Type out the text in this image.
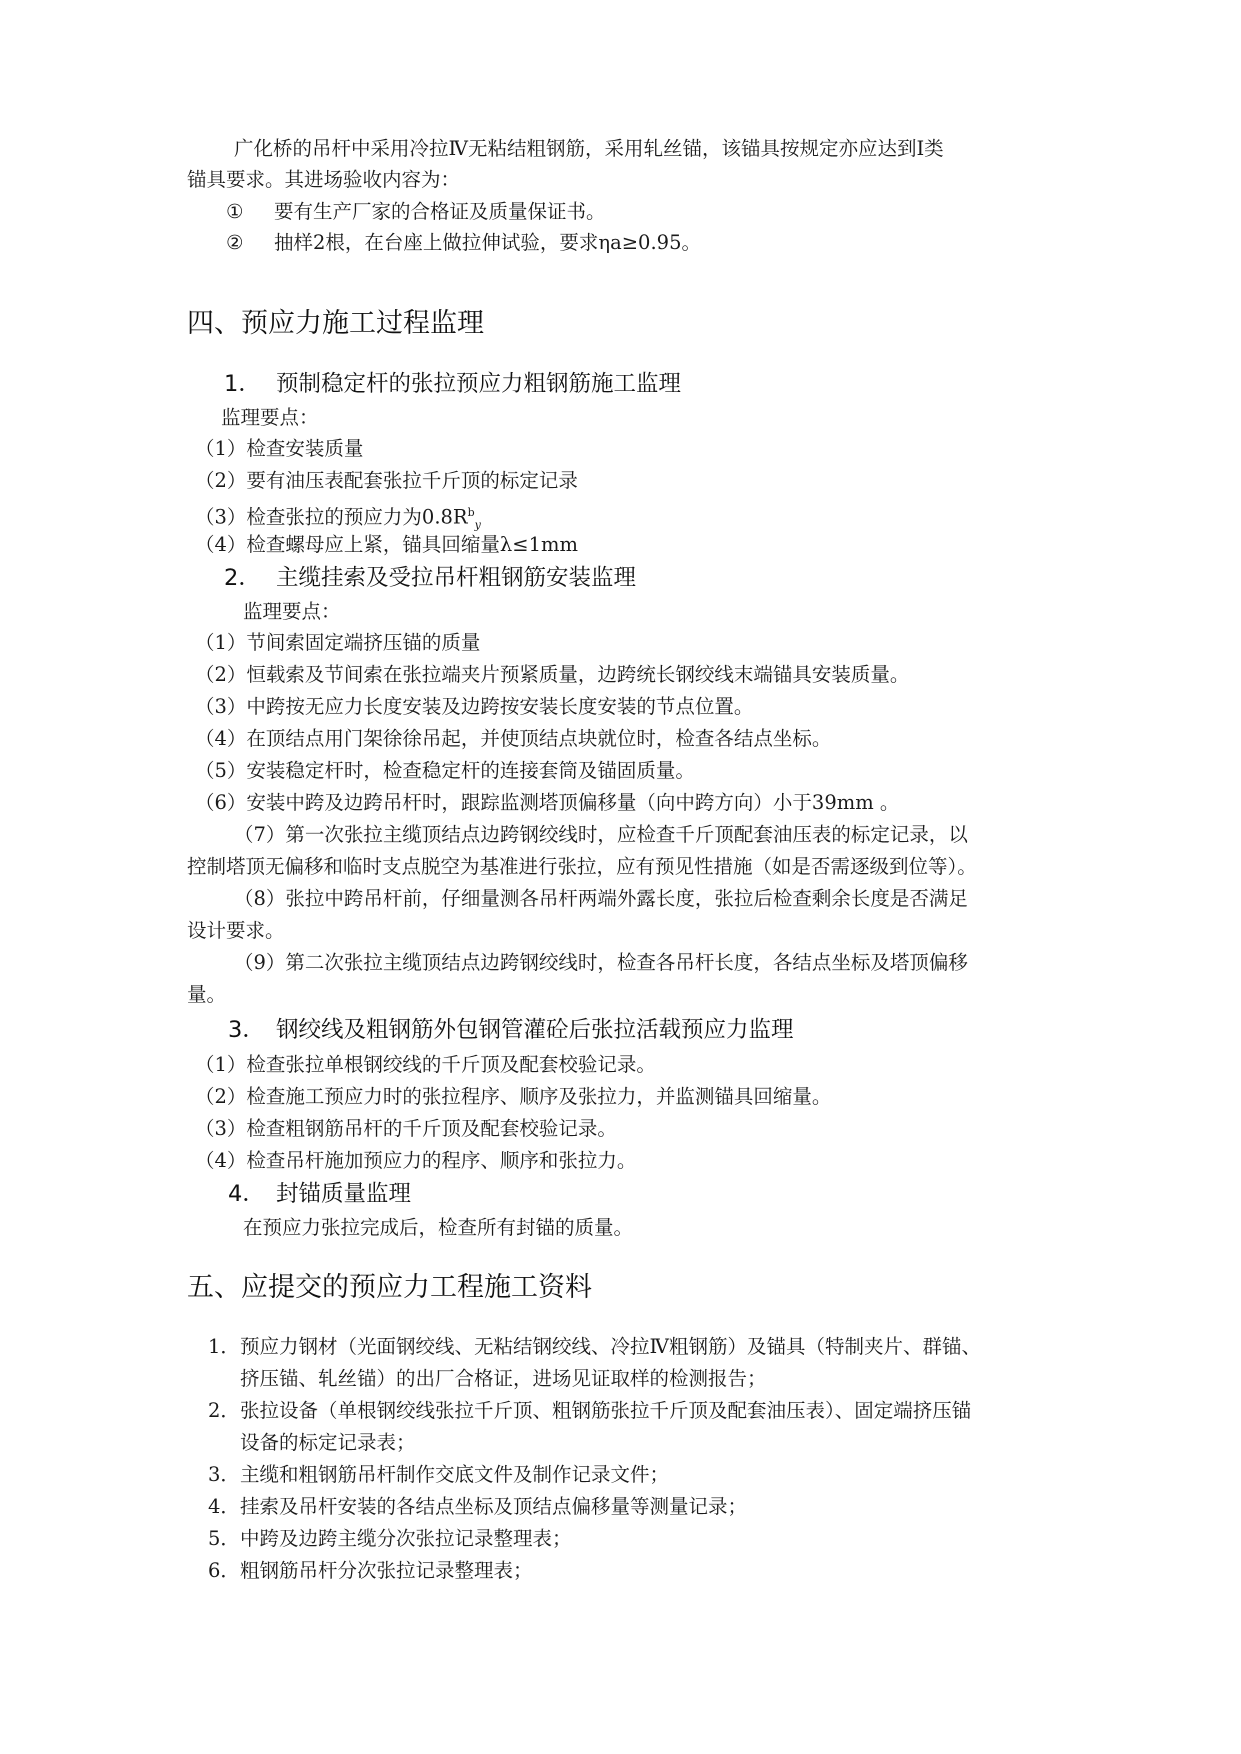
广化桥的吊杆中采用冷拉Ⅳ无粘结粗钢筋，采用轧丝锚，该锚具按规定亦应达到Ⅰ类
锚具要求。其进场验收内容为：
① 要有生产厂家的合格证及质量保证书。
② 抽样2根，在台座上做拉伸试验，要求ηa≥0.95。
四、预应力施工过程监理
1． 预制稳定杆的张拉预应力粗钢筋施工监理
监理要点：
（1）检查安装质量
（2）要有油压表配套张拉千斤顶的标定记录
（3）检查张拉的预应力为$0.8R^b_y$
（4）检查螺母应上紧，锚具回缩量λ≤1mm
2． 主缆挂索及受拉吊杆粗钢筋安装监理
监理要点：
（1）节间索固定端挤压锚的质量
（2）恒载索及节间索在张拉端夹片预紧质量，边跨统长钢绞线末端锚具安装质量。
（3）中跨按无应力长度安装及边跨按安装长度安装的节点位置。
（4）在顶结点用门架徐徐吊起，并使顶结点块就位时，检查各结点坐标。
（5）安装稳定杆时，检查稳定杆的连接套筒及锚固质量。
（6）安装中跨及边跨吊杆时，跟踪监测塔顶偏移量（向中跨方向）小于39mm 。
（7）第一次张拉主缆顶结点边跨钢绞线时，应检查千斤顶配套油压表的标定记录，以
控制塔顶无偏移和临时支点脱空为基准进行张拉，应有预见性措施（如是否需逐级到位等）。
（8）张拉中跨吊杆前，仔细量测各吊杆两端外露长度，张拉后检查剩余长度是否满足
设计要求。
（9）第二次张拉主缆顶结点边跨钢绞线时，检查各吊杆长度，各结点坐标及塔顶偏移
量。
3． 钢绞线及粗钢筋外包钢管灌砼后张拉活载预应力监理
（1）检查张拉单根钢绞线的千斤顶及配套校验记录。
（2）检查施工预应力时的张拉程序、顺序及张拉力，并监测锚具回缩量。
（3）检查粗钢筋吊杆的千斤顶及配套校验记录。
（4）检查吊杆施加预应力的程序、顺序和张拉力。
4． 封锚质量监理
在预应力张拉完成后，检查所有封锚的质量。
五、应提交的预应力工程施工资料
1．预应力钢材（光面钢绞线、无粘结钢绞线、冷拉Ⅳ粗钢筋）及锚具（特制夹片、群锚、
挤压锚、轧丝锚）的出厂合格证，进场见证取样的检测报告；
2．张拉设备（单根钢绞线张拉千斤顶、粗钢筋张拉千斤顶及配套油压表）、固定端挤压锚
设备的标定记录表；
3．主缆和粗钢筋吊杆制作交底文件及制作记录文件；
4．挂索及吊杆安装的各结点坐标及顶结点偏移量等测量记录；
5．中跨及边跨主缆分次张拉记录整理表；
6．粗钢筋吊杆分次张拉记录整理表；
